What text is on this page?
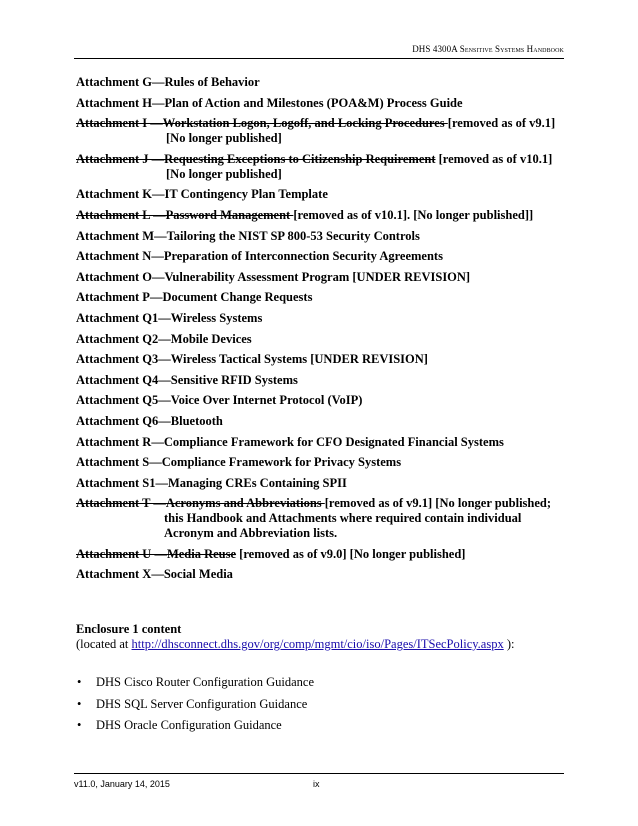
DHS 4300A Sensitive Systems Handbook
Attachment G—Rules of Behavior
Attachment H—Plan of Action and Milestones (POA&M) Process Guide
Attachment I —Workstation Logon, Logoff, and Locking Procedures [removed as of v9.1]
[No longer published]
Attachment J —Requesting Exceptions to Citizenship Requirement [removed as of v10.1]
[No longer published]
Attachment K—IT Contingency Plan Template
Attachment L —Password Management [removed as of v10.1]. [No longer published]]
Attachment M—Tailoring the NIST SP 800-53 Security Controls
Attachment N—Preparation of Interconnection Security Agreements
Attachment O—Vulnerability Assessment Program [UNDER REVISION]
Attachment P—Document Change Requests
Attachment Q1—Wireless Systems
Attachment Q2—Mobile Devices
Attachment Q3—Wireless Tactical Systems [UNDER REVISION]
Attachment Q4—Sensitive RFID Systems
Attachment Q5—Voice Over Internet Protocol (VoIP)
Attachment Q6—Bluetooth
Attachment R—Compliance Framework for CFO Designated Financial Systems
Attachment S—Compliance Framework for Privacy Systems
Attachment S1—Managing CREs Containing SPII
Attachment T —Acronyms and Abbreviations [removed as of v9.1] [No longer published;
this Handbook and Attachments where required contain individual
Acronym and Abbreviation lists.
Attachment U —Media Reuse [removed as of v9.0] [No longer published]
Attachment X—Social Media
Enclosure 1 content
(located at http://dhsconnect.dhs.gov/org/comp/mgmt/cio/iso/Pages/ITSecPolicy.aspx ):
• DHS Cisco Router Configuration Guidance
• DHS SQL Server Configuration Guidance
• DHS Oracle Configuration Guidance
v11.0, January 14, 2015	ix
